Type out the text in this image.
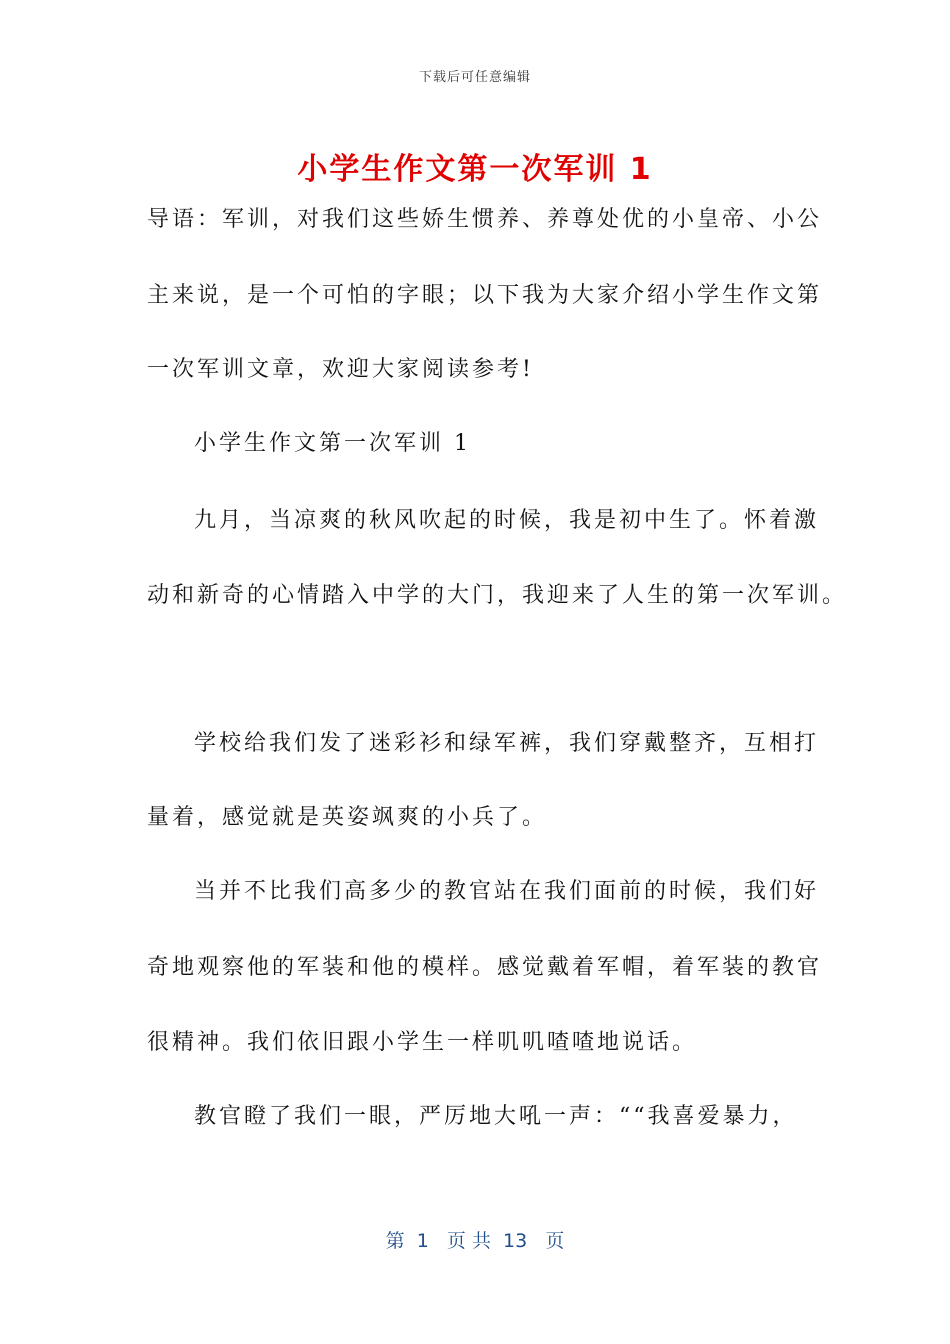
下载后可任意编辑
小学生作文第一次军训 1
导语：军训，对我们这些娇生惯养、养尊处优的小皇帝、小公
主来说，是一个可怕的字眼；以下我为大家介绍小学生作文第
一次军训文章，欢迎大家阅读参考!
小学生作文第一次军训 1
九月，当凉爽的秋风吹起的时候，我是初中生了。怀着激
动和新奇的心情踏入中学的大门，我迎来了人生的第一次军训。
学校给我们发了迷彩衫和绿军裤，我们穿戴整齐，互相打
量着，感觉就是英姿飒爽的小兵了。
当并不比我们高多少的教官站在我们面前的时候，我们好
奇地观察他的军装和他的模样。感觉戴着军帽，着军装的教官
很精神。我们依旧跟小学生一样叽叽喳喳地说话。
教官瞪了我们一眼，严厉地大吼一声：““我喜爱暴力，
第  1   页 共  13   页
